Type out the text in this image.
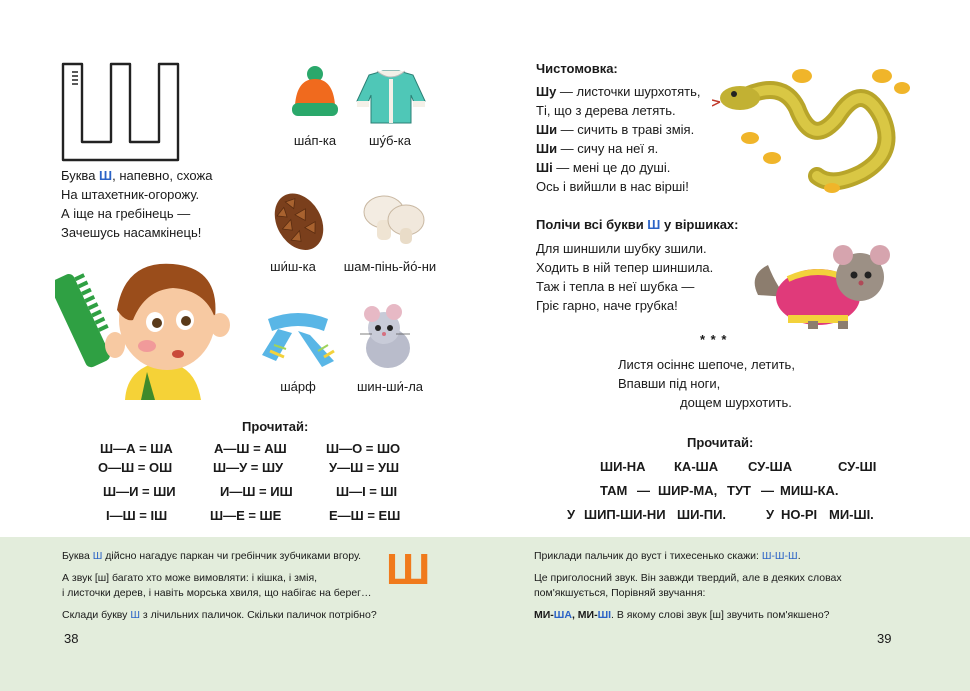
Буква Ш, напевно, схожа
На штахетник-огорожу.
А іще на гребінець —
Зачешусь насамкінець!
ша́п-ка	шу́б-ка
ши́ш-ка	шам-пінь-йо́-ни
ша́рф	шин-ши́-ла
Прочитай:
Ш—А = ША	А—Ш = АШ	Ш—О = ШО
О—Ш = ОШ	Ш—У = ШУ	У—Ш = УШ
Ш—И = ШИ	И—Ш = ИШ	Ш—І = ШІ
І—Ш = ІШ	Ш—Е = ШЕ	Е—Ш = ЕШ
Чистомовка:
Шу — листочки шурхотять,
Ті, що з дерева летять.
Ши — сичить в траві змія.
Ши — сичу на неї я.
Ші — мені це до душі.
Ось і вийшли в нас вірші!
Полічи всі букви Ш у віршиках:
Для шиншили шубку зшили.
Ходить в ній тепер шиншила.
Таж і тепла в неї шубка —
Гріє гарно, наче грубка!
* * *
Листя осіннє шепоче, летить,
Впавши під ноги,
дощем шурхотить.
Прочитай:
ШИ-НА КА-ША СУ-ША	СУ-ШІ
ТАМ — ШИР-МА, ТУТ — МИШ-КА.
У ШИП-ШИ-НИ ШИ-ПИ.	У НО-РІ МИ-ШІ.
Буква Ш дійсно нагадує паркан чи гребінчик зубчиками вгору.
А звук [ш] багато хто може вимовляти: і кішка, і змія,
і листочки дерев, і навіть морська хвиля, що набігає на берег…
Склади букву Ш з лічильних паличок. Скільки паличок потрібно?
Ш
38
Приклади пальчик до вуст і тихесенько скажи: Ш-Ш-Ш.
Це приголосний звук. Він завжди твердий, але в деяких словах
пом'якшується, Порівняй звучання:
МИ-ША, МИ-ШІ. В якому слові звук [ш] звучить пом'якшено?
39
